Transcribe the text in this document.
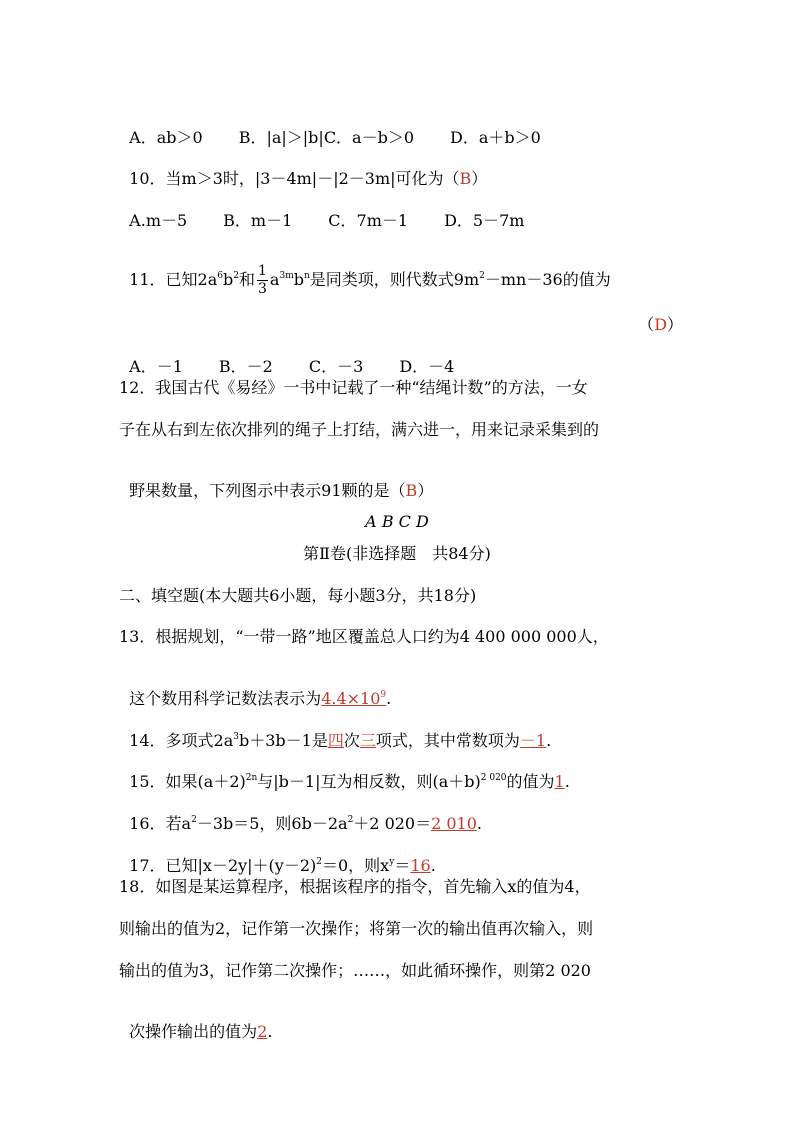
A．ab＞0 B．|a|＞|b|C．a－b＞0 D．a＋b＞0

10．当m＞3时，|3－4m|－|2－3m|可化为（B）

A.m－5 B．m－1 C．7m－1 D．5－7m

11．已知$2a^6b^2$和 $\frac{1}{3} a^{3m}b^n$是同类项，则代数式$9m^2-mn-36$的值为

（D）

A．－1 B．－2 C．－3 D．－4

12．我国古代《易经》一书中记载了一种“结绳计数”的方法，一女
子在从右到左依次排列的绳子上打结，满六进一，用来记录采集到的

野果数量，下列图示中表示91颗的是（B）

A B C D
第Ⅱ卷(非选择题　共84分)
二、填空题(本大题共6小题，每小题3分，共18分)
13．根据规划，“一带一路”地区覆盖总人口约为4 400 000 000人，

这个数用科学记数法表示为$4.4\times 10^9$.

14．多项式$2a^3b+3b-1$是四次三项式，其中常数项为－1.

15．如果$(a+2)^{2n}$与|b－1|互为相反数，则$(a+b)^{2 020}$的值为1.

16．若$a^2-3b=5$，则$6b-2a^2+2$ 020＝2 010.

17．已知$|x-2y|+(y-2)^2=0$，则$x^y=16$.

18．如图是某运算程序，根据该程序的指令，首先输入x的值为4，
则输出的值为2，记作第一次操作；将第一次的输出值再次输入，则
输出的值为3，记作第二次操作；……，如此循环操作，则第2 020

次操作输出的值为2.
